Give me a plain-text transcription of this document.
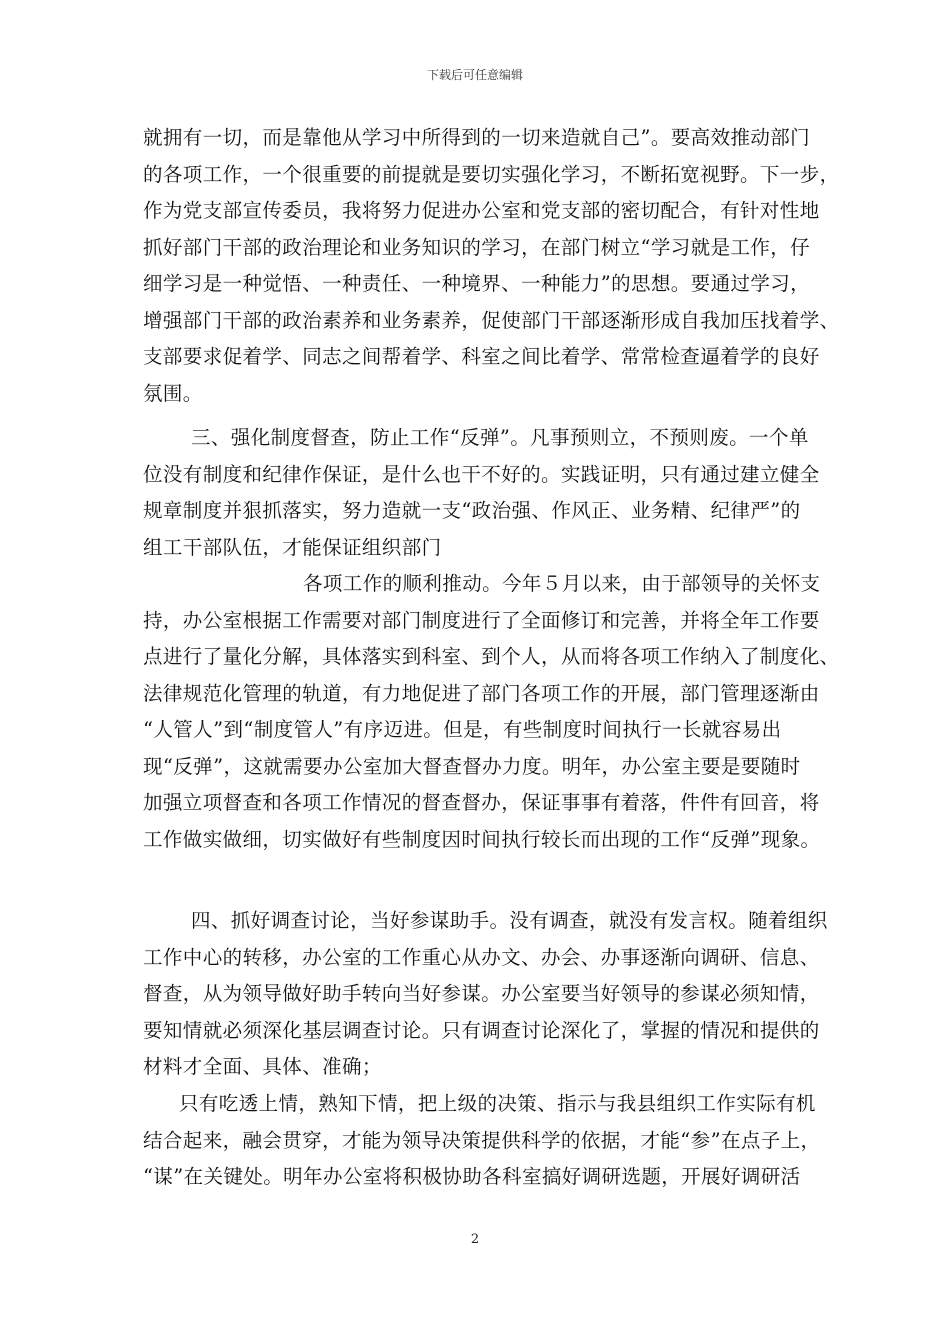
下载后可任意编辑
就拥有一切，而是靠他从学习中所得到的一切来造就自己”。要高效推动部门
的各项工作，一个很重要的前提就是要切实强化学习，不断拓宽视野。下一步，
作为党支部宣传委员，我将努力促进办公室和党支部的密切配合，有针对性地
抓好部门干部的政治理论和业务知识的学习，在部门树立“学习就是工作，仔
细学习是一种觉悟、一种责任、一种境界、一种能力”的思想。要通过学习，
增强部门干部的政治素养和业务素养，促使部门干部逐渐形成自我加压找着学、
支部要求促着学、同志之间帮着学、科室之间比着学、常常检查逼着学的良好
氛围。
三、强化制度督查，防止工作“反弹”。凡事预则立，不预则废。一个单
位没有制度和纪律作保证，是什么也干不好的。实践证明，只有通过建立健全
规章制度并狠抓落实，努力造就一支“政治强、作风正、业务精、纪律严”的
组工干部队伍，才能保证组织部门
各项工作的顺利推动。今年５月以来，由于部领导的关怀支
持，办公室根据工作需要对部门制度进行了全面修订和完善，并将全年工作要
点进行了量化分解，具体落实到科室、到个人，从而将各项工作纳入了制度化、
法律规范化管理的轨道，有力地促进了部门各项工作的开展，部门管理逐渐由
“人管人”到“制度管人”有序迈进。但是，有些制度时间执行一长就容易出
现“反弹”，这就需要办公室加大督查督办力度。明年，办公室主要是要随时
加强立项督查和各项工作情况的督查督办，保证事事有着落，件件有回音，将
工作做实做细，切实做好有些制度因时间执行较长而出现的工作“反弹”现象。
四、抓好调查讨论，当好参谋助手。没有调查，就没有发言权。随着组织
工作中心的转移，办公室的工作重心从办文、办会、办事逐渐向调研、信息、
督查，从为领导做好助手转向当好参谋。办公室要当好领导的参谋必须知情，
要知情就必须深化基层调查讨论。只有调查讨论深化了，掌握的情况和提供的
材料才全面、具体、准确；
只有吃透上情，熟知下情，把上级的决策、指示与我县组织工作实际有机
结合起来，融会贯穿，才能为领导决策提供科学的依据，才能“参”在点子上，
“谋”在关键处。明年办公室将积极协助各科室搞好调研选题，开展好调研活
2
